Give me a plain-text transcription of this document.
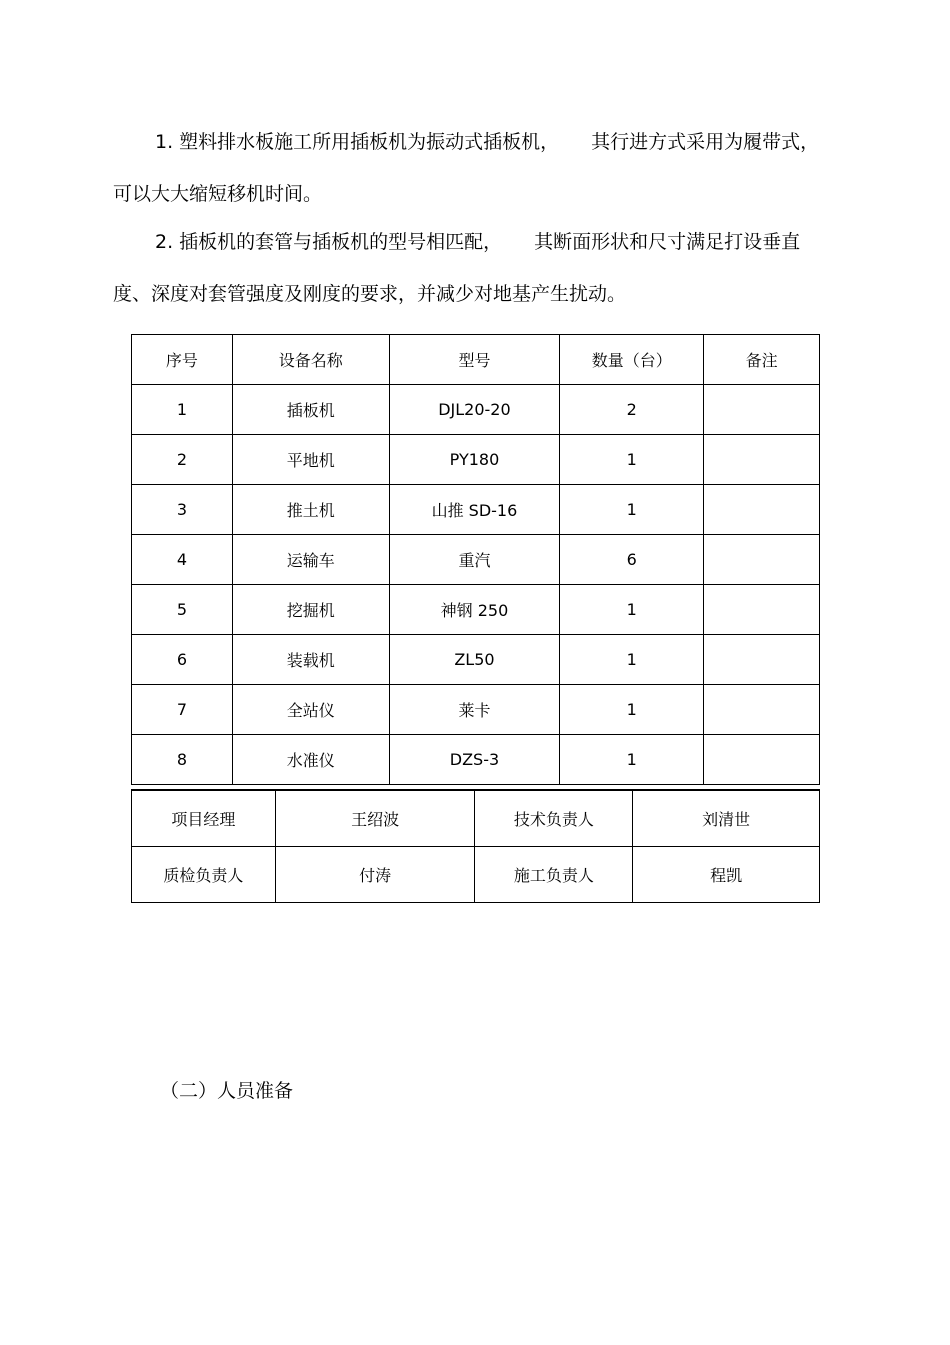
1. 塑料排水板施工所用插板机为振动式插板机， 其行进方式采用为履带式，可以大大缩短移机时间。

2. 插板机的套管与插板机的型号相匹配， 其断面形状和尺寸满足打设垂直度、深度对套管强度及刚度的要求，并减少对地基产生扰动。

序号	设备名称	型号	数量（台）	备注
1	插板机	DJL20-20	2	
2	平地机	PY180	1	
3	推土机	山推 SD-16	1	
4	运输车	重汽	6	
5	挖掘机	神钢 250	1	
6	装载机	ZL50	1	
7	全站仪	莱卡	1	
8	水准仪	DZS-3	1	
项目经理	王绍波	技术负责人	刘清世
质检负责人	付涛	施工负责人	程凯

（二）人员准备
